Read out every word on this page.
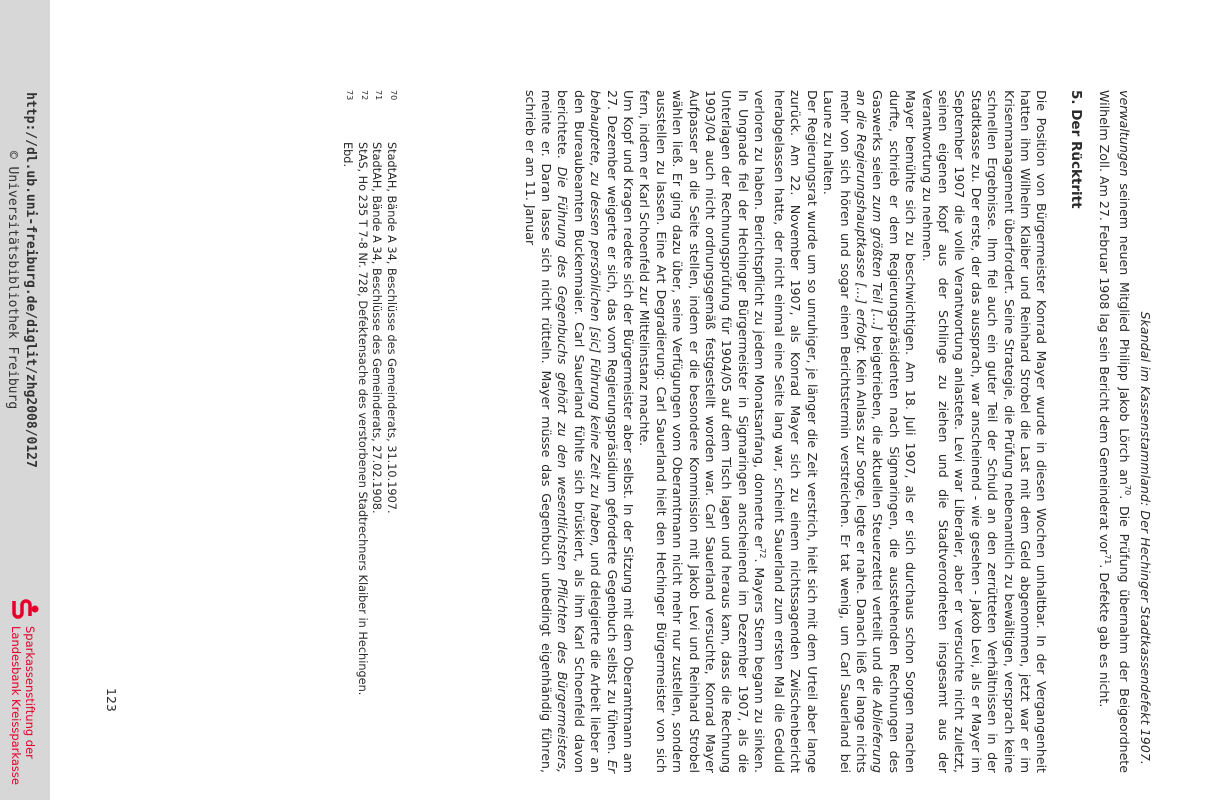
Skandal im Kassenstammland: Der Hechinger Stadtkassendefekt 1907.

verwaltungen seinem neuen Mitglied Philipp Jakob Lörch $an^{70}$. Die Prüfung übernahm der Beigeordnete Wilhelm Zoll. Am 27. Februar 1908 lag sein Bericht dem Gemeinderat vor$^{71}$. Defekte gab es nicht.

5. Der Rücktritt

Die Position von Bürgermeister Konrad Mayer wurde in diesen Wochen unhaltbar. In der Vergangenheit hatten ihm Wilhelm Klaiber und Reinhard Strobel die Last mit dem Geld abgenommen, jetzt war er im Krisenmanagement überfordert. Seine Strategie, die Prüfung nebenamtlich zu bewältigen, versprach keine schnellen Ergebnisse. Ihm fiel auch ein guter Teil der Schuld an den zerrütteten Verhältnissen in der Stadtkasse zu. Der erste, der das aussprach, war anscheinend - wie gesehen - Jakob Levi, als er Mayer im September 1907 die volle Verantwortung anlastete. Levi war Liberaler, aber er versuchte nicht zuletzt, seinen eigenen Kopf aus der Schlinge zu ziehen und die Stadtverordneten insgesamt aus der Verantwortung zu nehmen.

Mayer bemühte sich zu beschwichtigen. Am 18. Juli 1907, als er sich durchaus schon Sorgen machen durfte, schrieb er dem Regierungspräsidenten nach Sigmaringen, die ausstehenden Rechnungen des Gaswerks seien zum größten Teil [...] beigetrieben, die aktuellen Steuerzettel verteilt und die Ablieferung an die Regierungshauptkasse [...] erfolgt. Kein Anlass zur Sorge, legte er nahe. Danach ließ er lange nichts mehr von sich hören und sogar einen Berichtstermin verstreichen. Er tat wenig, um Carl Sauerland bei Laune zu halten.

Der Regierungsrat wurde um so unruhiger, je länger die Zeit verstrich, hielt sich mit dem Urteil aber lange zurück. Am 22. November 1907, als Konrad Mayer sich zu einem nichtssagenden Zwischenbericht herabgelassen hatte, der nicht einmal eine Seite lang war, scheint Sauerland zum ersten Mal die Geduld verloren zu haben. Berichtspflicht zu jedem Monatsanfang, donnerte $er^{72}$. Mayers Stern begann zu sinken. In Ungnade fiel der Hechinger Bürgermeister in Sigmaringen anscheinend im Dezember 1907, als die Unterlagen der Rechnungsprüfung für 1904/05 auf dem Tisch lagen und heraus kam, dass die Rechnung 1903/04 auch nicht ordnungsgemäß festgestellt worden war. Carl Sauerland versuchte, Konrad Mayer Aufpasser an die Seite stellen, indem er die besondere Kommission mit Jakob Levi und Reinhard Strobel wählen ließ. Er ging dazu über, seine Verfügungen vom Oberamtmann nicht mehr nur zustellen, sondern ausstellen zu lassen. Eine Art Degradierung: Carl Sauerland hielt den Hechinger Bürgermeister von sich fern, indem er Karl Schoenfeld zur Mittelinstanz machte.

Um Kopf und Kragen redete sich der Bürgermeister aber selbst. In der Sitzung mit dem Oberamtmann am 27. Dezember weigerte er sich, das vom Regierungspräsidium geforderte Gegenbuch selbst zu führen. Er behauptete, zu dessen persönlichen [sic] Führung keine Zeit zu haben, und delegierte die Arbeit lieber an den Bureaubeamten Buckenmaier. Carl Sauerland fühlte sich brüskiert, als ihm Karl Schoenfeld davon berichtete. Die Führung des Gegenbuchs gehört zu den wesentlichsten Pflichten des Bürgermeisters, meinte er. Daran lasse sich nicht rütteln. Mayer müsse das Gegenbuch unbedingt eigenhändig führen, schrieb er am 11. Januar

70
StadtAH, Bände A 34, Beschlüsse des Gemeinderats, 31.10.1907.
71
StadtAH, Bände A 34, Beschlüsse des Gemeinderats, 27.02.1908.
72
StAS, Ho 235 T 7-8 Nr. 728, Defektensache des verstorbenen Stadtrechners Klaiber in Hechingen.
73
Ebd.
123
http://dl.ub.uni-freiburg.de/diglit/zhg2008/0127
© Universitätsbibliothek Freiburg
Sparkassenstiftung der
Landesbank Kreissparkasse
